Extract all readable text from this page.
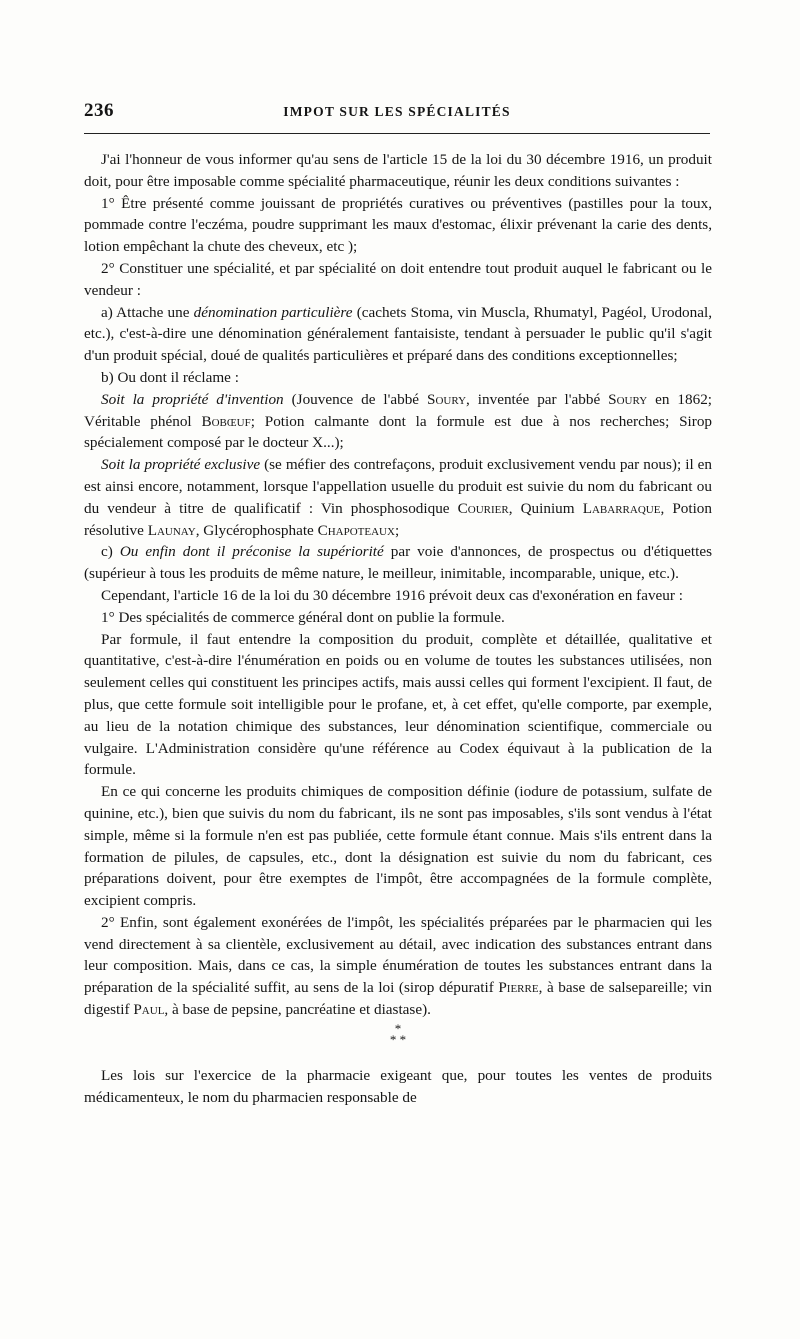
236	IMPOT SUR LES SPÉCIALITÉS

J'ai l'honneur de vous informer qu'au sens de l'article 15 de la loi du 30 décembre 1916, un produit doit, pour être imposable comme spécialité pharmaceutique, réunir les deux conditions suivantes :

1° Être présenté comme jouissant de propriétés curatives ou préventives (pastilles pour la toux, pommade contre l'eczéma, poudre supprimant les maux d'estomac, élixir prévenant la carie des dents, lotion empêchant la chute des cheveux, etc );

2° Constituer une spécialité, et par spécialité on doit entendre tout produit auquel le fabricant ou le vendeur :

a) Attache une dénomination particulière (cachets Stoma, vin Muscla, Rhumatyl, Pagéol, Urodonal, etc.), c'est-à-dire une dénomination généralement fantaisiste, tendant à persuader le public qu'il s'agit d'un produit spécial, doué de qualités particulières et préparé dans des conditions exceptionnelles;

b) Ou dont il réclame :

Soit la propriété d'invention (Jouvence de l'abbé Soury, inventée par l'abbé Soury en 1862; Véritable phénol Bobœuf; Potion calmante dont la formule est due à nos recherches; Sirop spécialement composé par le docteur X...);

Soit la propriété exclusive (se méfier des contrefaçons, produit exclusivement vendu par nous); il en est ainsi encore, notamment, lorsque l'appellation usuelle du produit est suivie du nom du fabricant ou du vendeur à titre de qualificatif : Vin phosphosodique Courier, Quinium Labarraque, Potion résolutive Launay, Glycérophosphate Chapoteaux;

c) Ou enfin dont il préconise la supériorité par voie d'annonces, de prospectus ou d'étiquettes (supérieur à tous les produits de même nature, le meilleur, inimitable, incomparable, unique, etc.).

Cependant, l'article 16 de la loi du 30 décembre 1916 prévoit deux cas d'exonération en faveur :

1° Des spécialités de commerce général dont on publie la formule.

Par formule, il faut entendre la composition du produit, complète et détaillée, qualitative et quantitative, c'est-à-dire l'énumération en poids ou en volume de toutes les substances utilisées, non seulement celles qui constituent les principes actifs, mais aussi celles qui forment l'excipient. Il faut, de plus, que cette formule soit intelligible pour le profane, et, à cet effet, qu'elle comporte, par exemple, au lieu de la notation chimique des substances, leur dénomination scientifique, commerciale ou vulgaire. L'Administration considère qu'une référence au Codex équivaut à la publication de la formule.

En ce qui concerne les produits chimiques de composition définie (iodure de potassium, sulfate de quinine, etc.), bien que suivis du nom du fabricant, ils ne sont pas imposables, s'ils sont vendus à l'état simple, même si la formule n'en est pas publiée, cette formule étant connue. Mais s'ils entrent dans la formation de pilules, de capsules, etc., dont la désignation est suivie du nom du fabricant, ces préparations doivent, pour être exemptes de l'impôt, être accompagnées de la formule complète, excipient compris.

2° Enfin, sont également exonérées de l'impôt, les spécialités préparées par le pharmacien qui les vend directement à sa clientèle, exclusivement au détail, avec indication des substances entrant dans leur composition. Mais, dans ce cas, la simple énumération de toutes les substances entrant dans la préparation de la spécialité suffit, au sens de la loi (sirop dépuratif Pierre, à base de salsepareille; vin digestif Paul, à base de pepsine, pancréatine et diastase).

*
* *

Les lois sur l'exercice de la pharmacie exigeant que, pour toutes les ventes de produits médicamenteux, le nom du pharmacien responsable de
